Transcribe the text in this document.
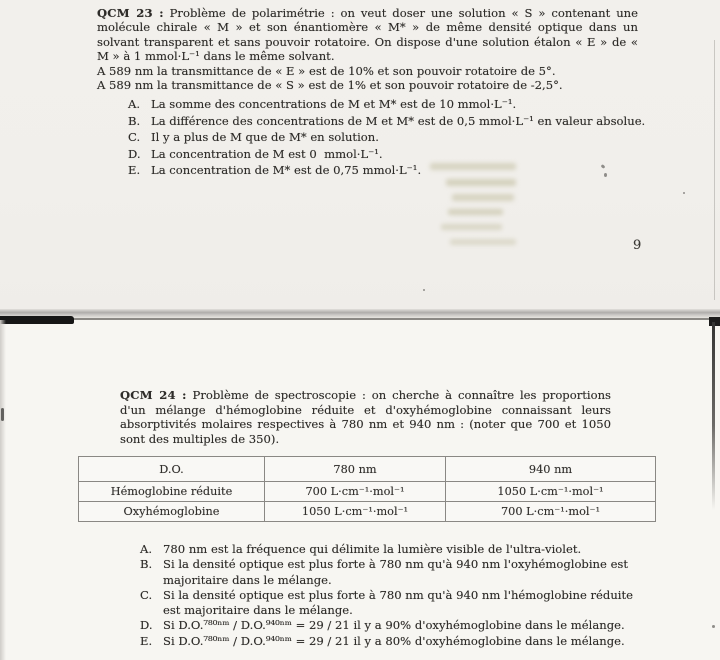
QCM 23 : Problème de polarimétrie : on veut doser une solution « S » contenant une molécule chirale « M » et son énantiomère « M* » de même densité optique dans un solvant transparent et sans pouvoir rotatoire. On dispose d'une solution étalon « E » de « M » à 1 mmol·L⁻¹ dans le même solvant.

A 589 nm la transmittance de « E » est de 10% et son pouvoir rotatoire de 5°.
A 589 nm la transmittance de « S » est de 1% et son pouvoir rotatoire de -2,5°.
A. La somme des concentrations de M et M* est de 10 mmol·L⁻¹.
B. La différence des concentrations de M et M* est de 0,5 mmol·L⁻¹ en valeur absolue.
C. Il y a plus de M que de M* en solution.
D. La concentration de M est 0  mmol·L⁻¹.
E. La concentration de M* est de 0,75 mmol·L⁻¹.
9

QCM 24 : Problème de spectroscopie : on cherche à connaître les proportions d'un mélange d'hémoglobine réduite et d'oxyhémoglobine connaissant leurs absorptivités molaires respectives à 780 nm et 940 nm : (noter que 700 et 1050 sont des multiples de 350).

D.O.	780 nm	940 nm
Hémoglobine réduite	700 L·cm⁻¹·mol⁻¹	1050 L·cm⁻¹·mol⁻¹
Oxyhémoglobine	1050 L·cm⁻¹·mol⁻¹	700 L·cm⁻¹·mol⁻¹
A. 780 nm est la fréquence qui délimite la lumière visible de l'ultra-violet.
B. Si la densité optique est plus forte à 780 nm qu'à 940 nm l'oxyhémoglobine est majoritaire dans le mélange.
C. Si la densité optique est plus forte à 780 nm qu'à 940 nm l'hémoglobine réduite est majoritaire dans le mélange.
D. Si D.O.⁷⁸⁰ⁿᵐ / D.O.⁹⁴⁰ⁿᵐ = 29 / 21 il y a 90% d'oxyhémoglobine dans le mélange.
E. Si D.O.⁷⁸⁰ⁿᵐ / D.O.⁹⁴⁰ⁿᵐ = 29 / 21 il y a 80% d'oxyhémoglobine dans le mélange.
